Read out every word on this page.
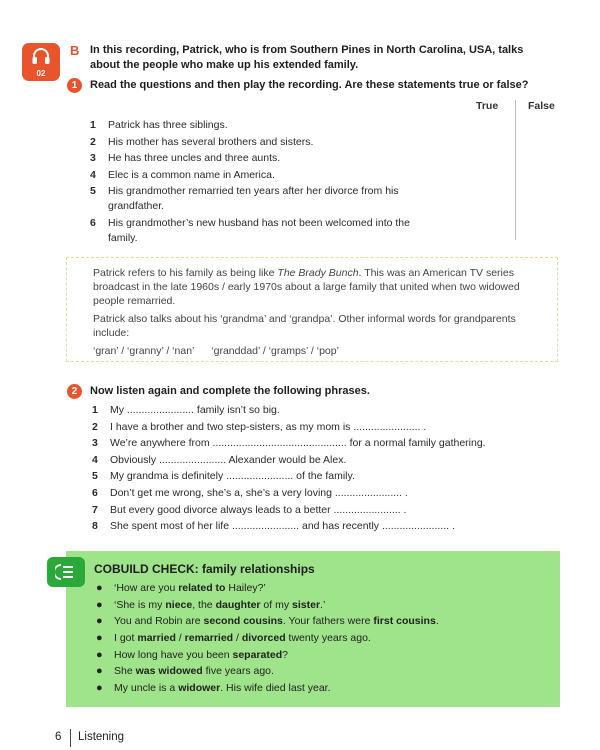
02
B In this recording, Patrick, who is from Southern Pines in North Carolina, USA, talks about the people who make up his extended family.
1	Read the questions and then play the recording. Are these statements true or false?
True	False
1 Patrick has three siblings.
2 His mother has several brothers and sisters.
3 He has three uncles and three aunts.
4 Elec is a common name in America.
5 His grandmother remarried ten years after her divorce from his grandfather.
6 His grandmother’s new husband has not been welcomed into the family.

Patrick refers to his family as being like The Brady Bunch. This was an American TV series broadcast in the late 1960s / early 1970s about a large family that united when two widowed people remarried.

Patrick also talks about his ‘grandma’ and ‘grandpa’. Other informal words for grandparents include:

‘gran’ / ‘granny’ / ‘nan’ ‘granddad’ / ‘gramps’ / ‘pop’

2	Now listen again and complete the following phrases.
1 My ....................... family isn’t so big.
2 I have a brother and two step-sisters, as my mom is ....................... .
3 We’re anywhere from .............................................. for a normal family gathering.
4 Obviously ....................... Alexander would be Alex.
5 My grandma is definitely ....................... of the family.
6 Don’t get me wrong, she’s a, she’s a very loving ....................... .
7 But every good divorce always leads to a better ....................... .
8 She spent most of her life ....................... and has recently ....................... .
COBUILD CHECK: family relationships
● ‘How are you related to Hailey?’
● ‘She is my niece, the daughter of my sister.’
● You and Robin are second cousins. Your fathers were first cousins.
● I got married / remarried / divorced twenty years ago.
● How long have you been separated?
● She was widowed five years ago.
● My uncle is a widower. His wife died last year.
6 Listening
